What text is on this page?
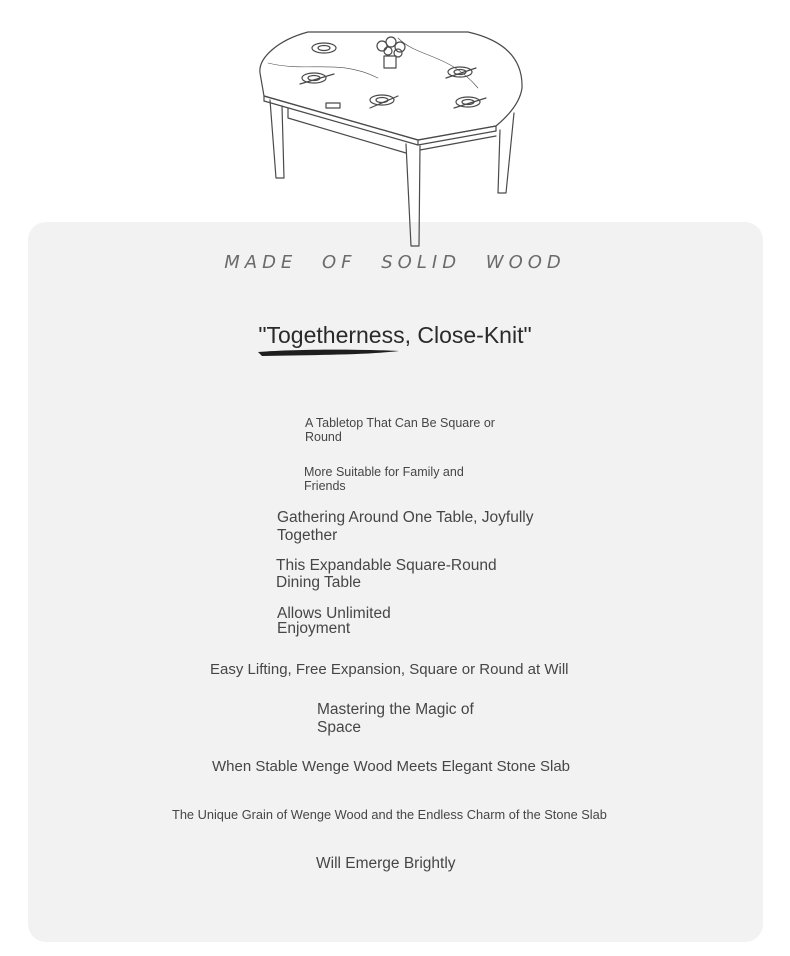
MADE OF SOLID WOOD
"Togetherness, Close-Knit"
A Tabletop That Can Be Square or Round
More Suitable for Family and Friends
Gathering Around One Table, Joyfully Together
This Expandable Square-Round Dining Table
Allows Unlimited Enjoyment
Easy Lifting, Free Expansion, Square or Round at Will
Mastering the Magic of Space
When Stable Wenge Wood Meets Elegant Stone Slab
The Unique Grain of Wenge Wood and the Endless Charm of the Stone Slab
Will Emerge Brightly
